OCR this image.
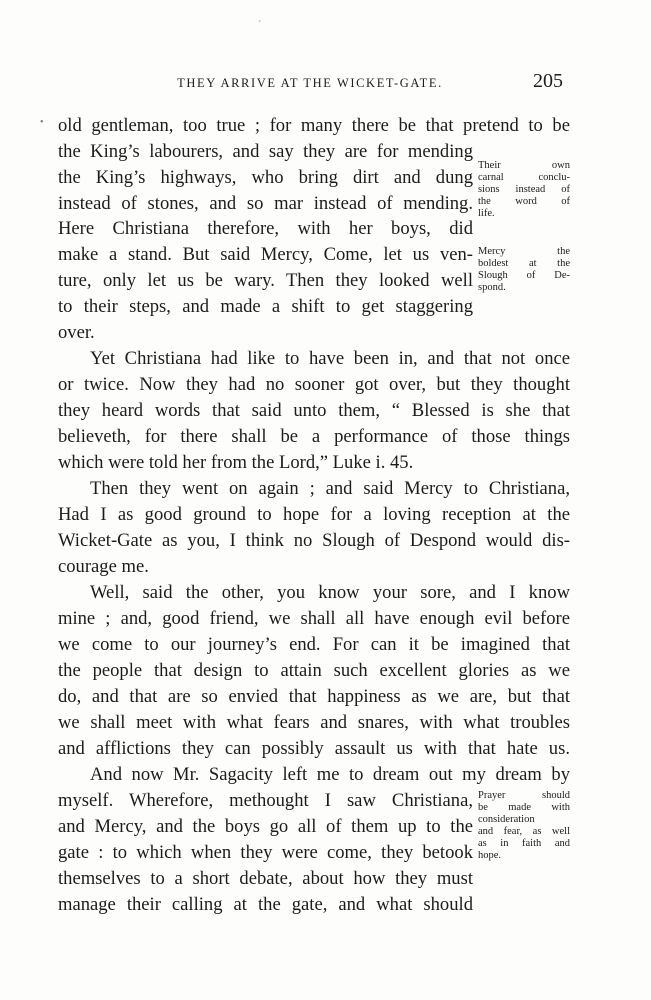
ˊ
•
THEY ARRIVE AT THE WICKET-GATE.	205
old gentleman, too true ; for many there be that pretend to be
the King’s labourers, and say they are for mending
the King’s highways, who bring dirt and dung
instead of stones, and so mar instead of mending.
Here Christiana therefore, with her boys, did
make a stand. But said Mercy, Come, let us ven-
ture, only let us be wary. Then they looked well
to their steps, and made a shift to get staggering
over.
Yet Christiana had like to have been in, and that not once
or twice. Now they had no sooner got over, but they thought
they heard words that said unto them, “ Blessed is she that
believeth, for there shall be a performance of those things
which were told her from the Lord,” Luke i. 45.
Then they went on again ; and said Mercy to Christiana,
Had I as good ground to hope for a loving reception at the
Wicket-Gate as you, I think no Slough of Despond would dis-
courage me.
Well, said the other, you know your sore, and I know
mine ; and, good friend, we shall all have enough evil before
we come to our journey’s end. For can it be imagined that
the people that design to attain such excellent glories as we
do, and that are so envied that happiness as we are, but that
we shall meet with what fears and snares, with what troubles
and afflictions they can possibly assault us with that hate us.
And now Mr. Sagacity left me to dream out my dream by
myself. Wherefore, methought I saw Christiana,
and Mercy, and the boys go all of them up to the
gate : to which when they were come, they betook
themselves to a short debate, about how they must
manage their calling at the gate, and what should
Their own
carnal conclu-
sions instead of
the word of
life.
Mercy the
boldest at the
Slough of De-
spond.
Prayer should
be made with
consideration
and fear, as well
as in faith and
hope.
